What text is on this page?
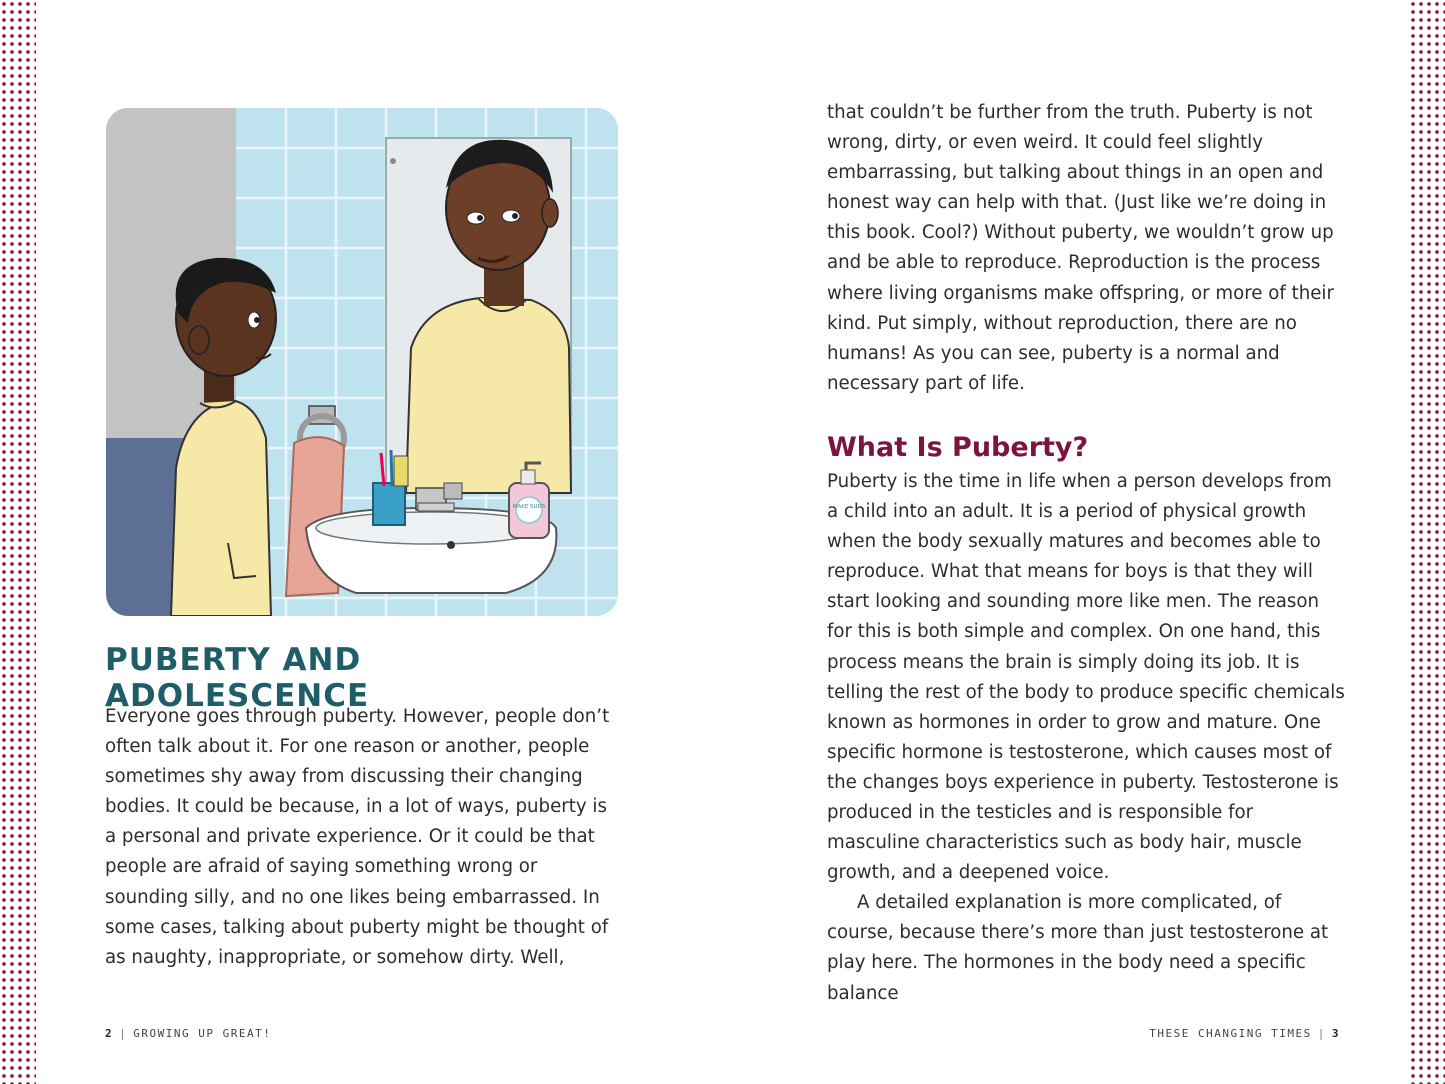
MAKE SUDS
PUBERTY AND ADOLESCENCE

Everyone goes through puberty. However, people don’t often talk about it. For one reason or another, people sometimes shy away from discussing their changing bodies. It could be because, in a lot of ways, puberty is a personal and private experience. Or it could be that people are afraid of saying something wrong or sounding silly, and no one likes being embarrassed. In some cases, talking about puberty might be thought of as naughty, inappropriate, or somehow dirty. Well,

2 | GROWING UP GREAT!

that couldn’t be further from the truth. Puberty is not wrong, dirty, or even weird. It could feel slightly embarrassing, but talking about things in an open and honest way can help with that. (Just like we’re doing in this book. Cool?) Without puberty, we wouldn’t grow up and be able to reproduce. Reproduction is the process where living organisms make offspring, or more of their kind. Put simply, without reproduction, there are no humans! As you can see, puberty is a normal and necessary part of life.

What Is Puberty?

Puberty is the time in life when a person develops from a child into an adult. It is a period of physical growth when the body sexually matures and becomes able to reproduce. What that means for boys is that they will start looking and sounding more like men. The reason for this is both simple and complex. On one hand, this process means the brain is simply doing its job. It is telling the rest of the body to produce specific chemicals known as hormones in order to grow and mature. One specific hormone is testosterone, which causes most of the changes boys experience in puberty. Testosterone is produced in the testicles and is responsible for masculine characteristics such as body hair, muscle growth, and a deepened voice.

A detailed explanation is more complicated, of course, because there’s more than just testosterone at play here. The hormones in the body need a specific balance

THESE CHANGING TIMES | 3
